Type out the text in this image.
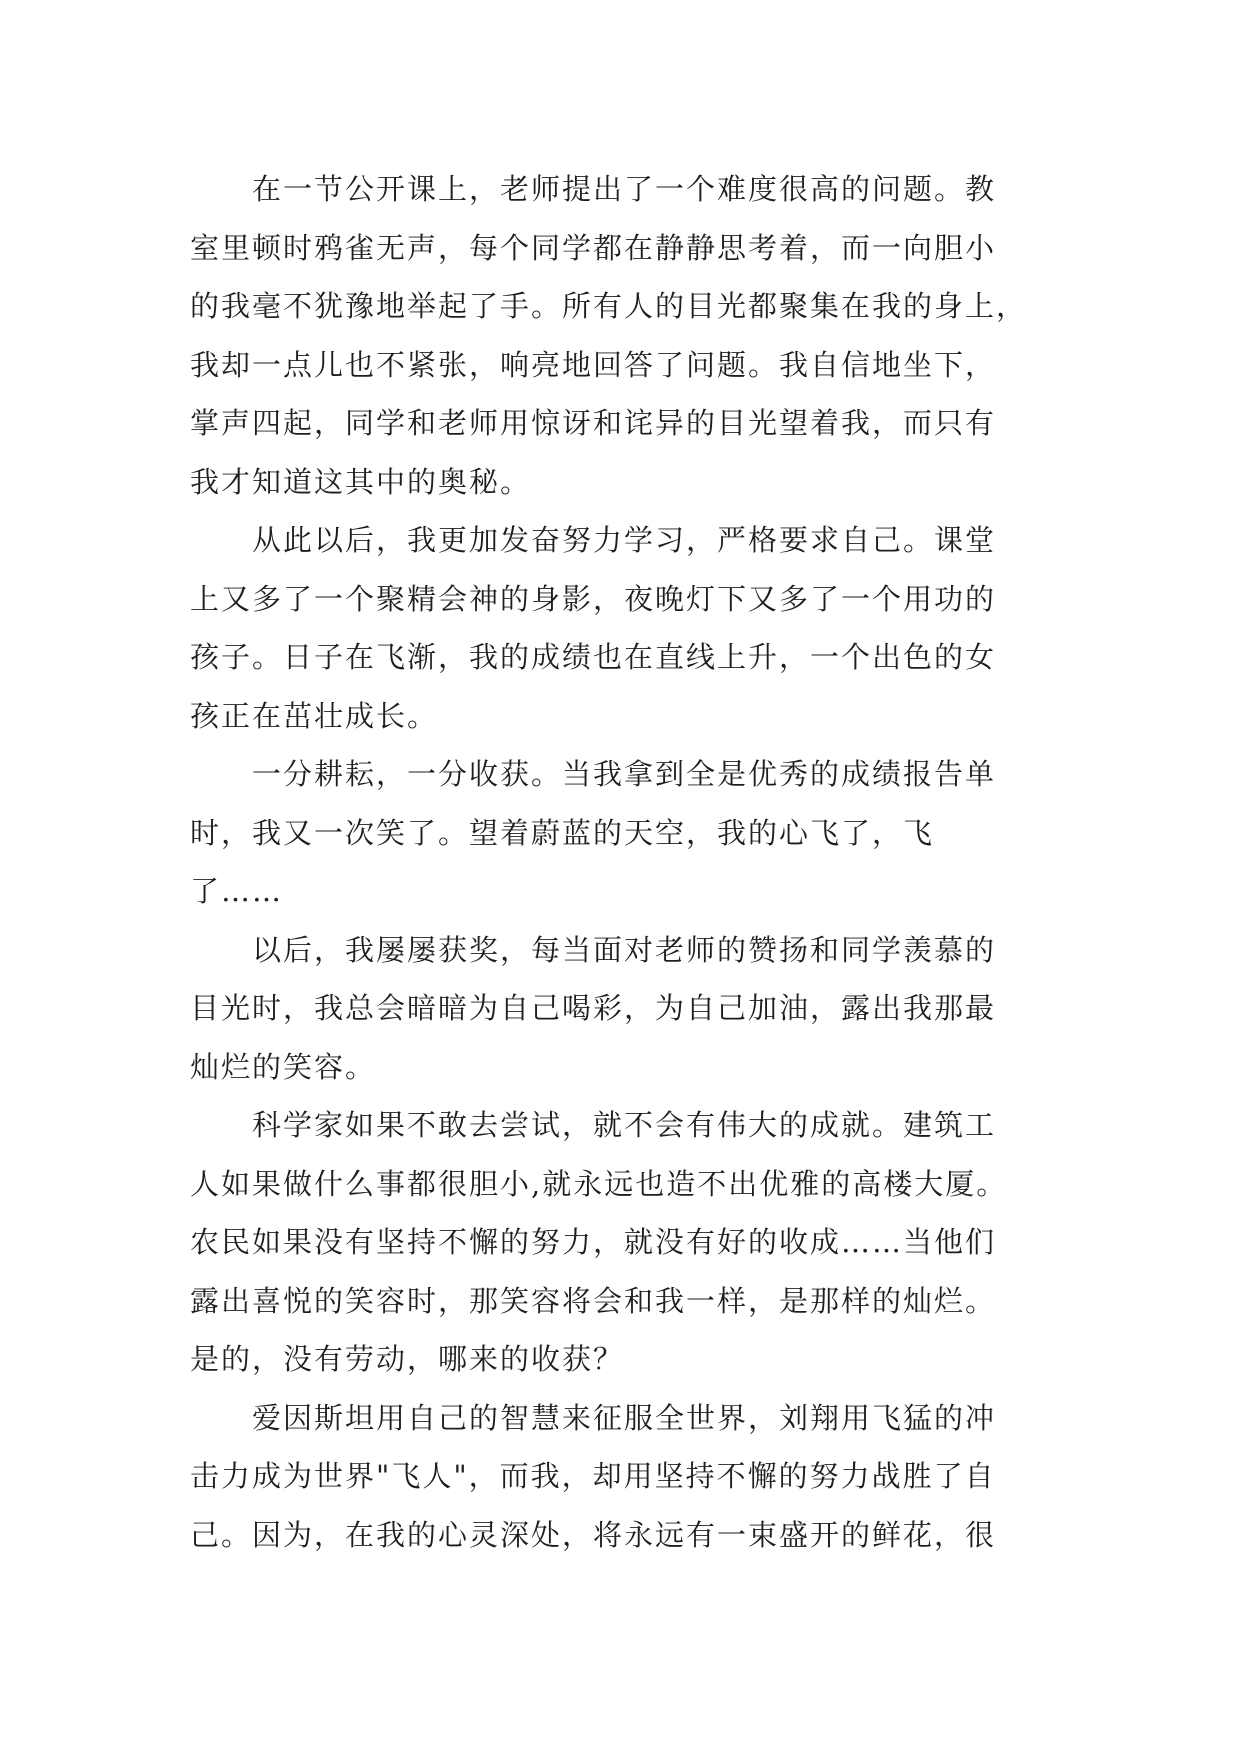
在一节公开课上，老师提出了一个难度很高的问题。教
室里顿时鸦雀无声，每个同学都在静静思考着，而一向胆小
的我毫不犹豫地举起了手。所有人的目光都聚集在我的身上，
我却一点儿也不紧张，响亮地回答了问题。我自信地坐下，
掌声四起，同学和老师用惊讶和诧异的目光望着我，而只有
我才知道这其中的奥秘。
从此以后，我更加发奋努力学习，严格要求自己。课堂
上又多了一个聚精会神的身影，夜晚灯下又多了一个用功的
孩子。日子在飞渐，我的成绩也在直线上升，一个出色的女
孩正在茁壮成长。
一分耕耘，一分收获。当我拿到全是优秀的成绩报告单
时，我又一次笑了。望着蔚蓝的天空，我的心飞了，飞
了……
以后，我屡屡获奖，每当面对老师的赞扬和同学羡慕的
目光时，我总会暗暗为自己喝彩，为自己加油，露出我那最
灿烂的笑容。
科学家如果不敢去尝试，就不会有伟大的成就。建筑工
人如果做什么事都很胆小,就永远也造不出优雅的高楼大厦。
农民如果没有坚持不懈的努力，就没有好的收成……当他们
露出喜悦的笑容时，那笑容将会和我一样，是那样的灿烂。
是的，没有劳动，哪来的收获？
爱因斯坦用自己的智慧来征服全世界，刘翔用飞猛的冲
击力成为世界"飞人"，而我，却用坚持不懈的努力战胜了自
己。因为，在我的心灵深处，将永远有一束盛开的鲜花，很
